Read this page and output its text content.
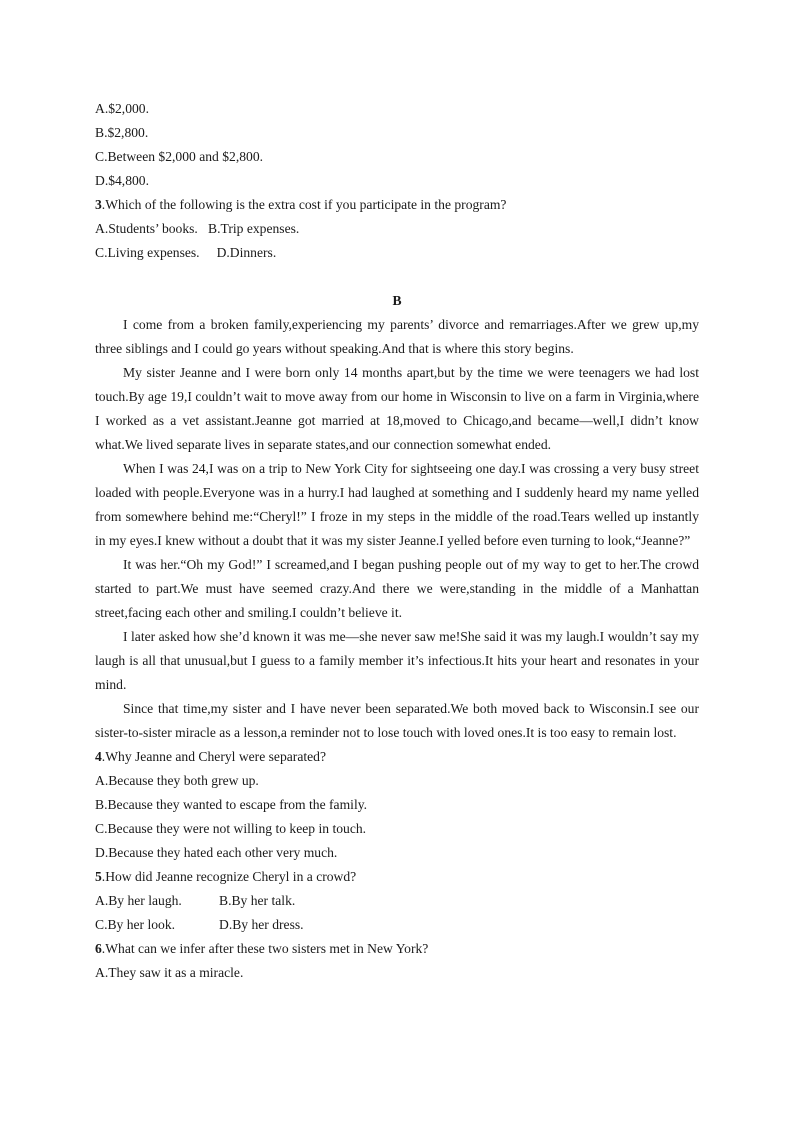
A.$2,000.
B.$2,800.
C.Between $2,000 and $2,800.
D.$4,800.
3.Which of the following is the extra cost if you participate in the program?
A.Students’ books.   B.Trip expenses.
C.Living expenses.     D.Dinners.
B

I come from a broken family,experiencing my parents’ divorce and remarriages.After we grew up,my three siblings and I could go years without speaking.And that is where this story begins.

My sister Jeanne and I were born only 14 months apart,but by the time we were teenagers we had lost touch.By age 19,I couldn’t wait to move away from our home in Wisconsin to live on a farm in Virginia,where I worked as a vet assistant.Jeanne got married at 18,moved to Chicago,and became—well,I didn’t know what.We lived separate lives in separate states,and our connection somewhat ended.

When I was 24,I was on a trip to New York City for sightseeing one day.I was crossing a very busy street loaded with people.Everyone was in a hurry.I had laughed at something and I suddenly heard my name yelled from somewhere behind me:“Cheryl!” I froze in my steps in the middle of the road.Tears welled up instantly in my eyes.I knew without a doubt that it was my sister Jeanne.I yelled before even turning to look,“Jeanne?”

It was her.“Oh my God!” I screamed,and I began pushing people out of my way to get to her.The crowd started to part.We must have seemed crazy.And there we were,standing in the middle of a Manhattan street,facing each other and smiling.I couldn’t believe it.

I later asked how she’d known it was me—she never saw me!She said it was my laugh.I wouldn’t say my laugh is all that unusual,but I guess to a family member it’s infectious.It hits your heart and resonates in your mind.

Since that time,my sister and I have never been separated.We both moved back to Wisconsin.I see our sister-to-sister miracle as a lesson,a reminder not to lose touch with loved ones.It is too easy to remain lost.

4.Why Jeanne and Cheryl were separated?
A.Because they both grew up.
B.Because they wanted to escape from the family.
C.Because they were not willing to keep in touch.
D.Because they hated each other very much.
5.How did Jeanne recognize Cheryl in a crowd?
A.By her laugh.	B.By her talk.
C.By her look.	D.By her dress.
6.What can we infer after these two sisters met in New York?
A.They saw it as a miracle.
